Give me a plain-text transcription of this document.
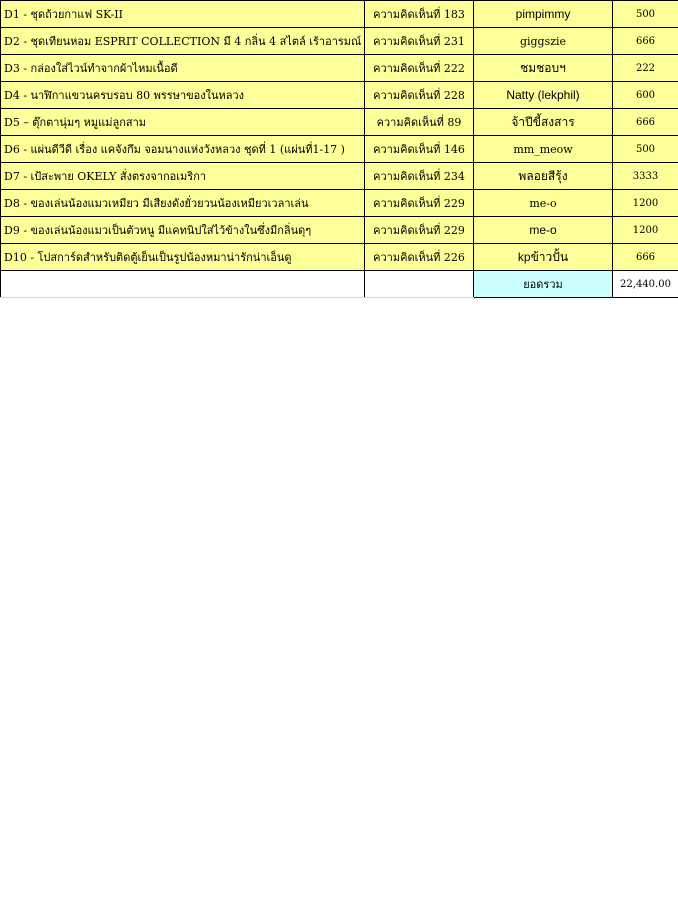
D1 - ชุดถ้วยกาแฟ SK-II	ความคิดเห็นที่ 183	pimpimmy	500
D2 - ชุดเทียนหอม ESPRIT COLLECTION มี 4 กลิ่น 4 สไตล์ เร้าอารมณ์	ความคิดเห็นที่ 231	giggszie	666
D3 - กล่องใส่ไวน์ทำจากผ้าไหมเนื้อดี	ความคิดเห็นที่ 222	ชมชอบฯ	222
D4 - นาฬิกาแขวนครบรอบ 80 พรรษาของในหลวง	ความคิดเห็นที่ 228	Natty (lekphil)	600
D5 – ตุ๊กตานุ่มๆ หมูแม่ลูกสาม	ความคิดเห็นที่ 89	จ้าปีขี้สงสาร	666
D6 - แผ่นดีวีดี เรื่อง แคจังกึม จอมนางแห่งวังหลวง ชุดที่ 1 (แผ่นที่1-17 )	ความคิดเห็นที่ 146	mm_meow	500
D7 - เป้สะพาย OKELY สั่งตรงจากอเมริกา	ความคิดเห็นที่ 234	พลอยสีรุ้ง	3333
D8 - ของเล่นน้องแมวเหมียว มีเสียงดังยั่วยวนน้องเหมียวเวลาเล่น	ความคิดเห็นที่ 229	me-o	1200
D9 - ของเล่นน้องแมวเป็นตัวหนู มีแคทนิปใส่ไว้ข้างในซึ่งมีกลิ่นดุๆ	ความคิดเห็นที่ 229	me-o	1200
D10 - โปสการ์ดสำหรับติดตู้เย็นเป็นรูปน้องหมาน่ารักน่าเอ็นดู	ความคิดเห็นที่ 226	kpข้าวปั้น	666
		ยอดรวม	22,440.00
